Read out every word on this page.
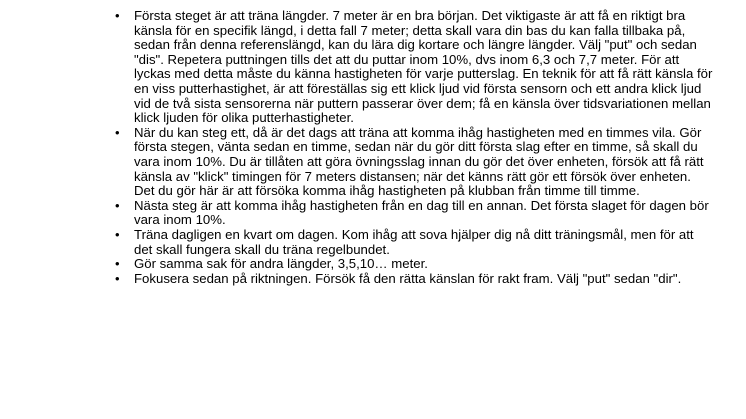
•	Första steget är att träna längder. 7 meter är en bra början. Det viktigaste är att få en riktigt bra känsla för en specifik längd, i detta fall 7 meter; detta skall vara din bas du kan falla tillbaka på, sedan från denna referenslängd, kan du lära dig kortare och längre längder. Välj "put" och sedan "dis". Repetera puttningen tills det att du puttar inom 10%, dvs inom 6,3 och 7,7 meter. För att lyckas med detta måste du känna hastigheten för varje putterslag. En teknik för att få rätt känsla för en viss putterhastighet, är att föreställas sig ett klick ljud vid första sensorn och ett andra klick ljud vid de två sista sensorerna när puttern passerar över dem; få en känsla över tidsvariationen mellan klick ljuden för olika putterhastigheter.
•	När du kan steg ett, då är det dags att träna att komma ihåg hastigheten med en timmes vila. Gör första stegen, vänta sedan en timme, sedan när du gör ditt första slag efter en timme, så skall du vara inom 10%. Du är tillåten att göra övningsslag innan du gör det över enheten, försök att få rätt känsla av "klick" timingen för 7 meters distansen; när det känns rätt gör ett försök över enheten. Det du gör här är att försöka komma ihåg hastigheten på klubban från timme till timme.
•	Nästa steg är att komma ihåg hastigheten från en dag till en annan. Det första slaget för dagen bör vara inom 10%.
•	Träna dagligen en kvart om dagen. Kom ihåg att sova hjälper dig nå ditt träningsmål, men för att det skall fungera skall du träna regelbundet.
•	Gör samma sak för andra längder, 3,5,10… meter.
•	Fokusera sedan på riktningen. Försök få den rätta känslan för rakt fram. Välj "put" sedan "dir".
